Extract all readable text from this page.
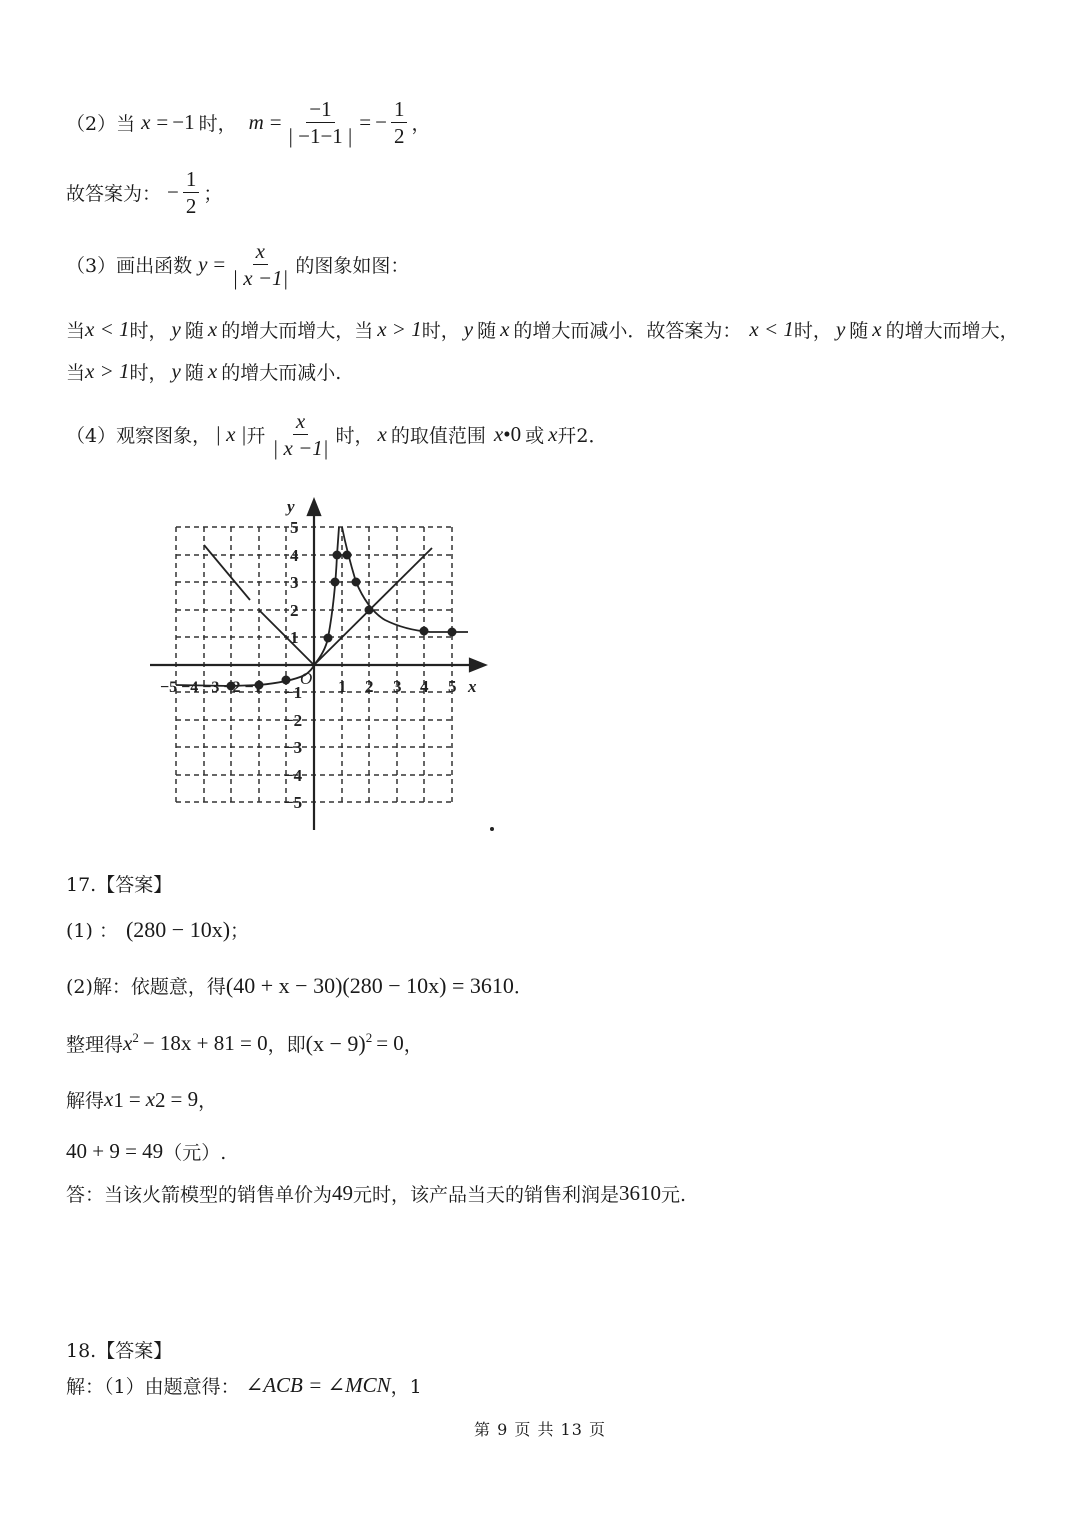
（2）当 x = −1 时， $m = \frac{-1}{| -1-1 |}$ = − $\frac{1}{2}$ ，
故答案为： − $\frac{1}{2}$ ；
（3）画出函数 $y = \frac{x}{| x -1|}$ 的图象如图：
当 x < 1 时， y 随 x 的增大而增大，当 x > 1 时， y 随 x 的增大而减小．故答案为： x < 1 时， y 随 x 的增大而增大，
当 x > 1 时， y 随 x 的增大而减小.
（4）观察图象， | x | 幵 $\frac{x}{| x -1|}$ 时， x 的取值范围 x •0 或 x 幵2．
y
x
O 1 2 3 4 5
−5 −4 −3 −2 −1
5
4
3
2
1
−1
−2
−3
−4
−5
17.【答案】
(1) ： (280 − 10x) ；
(2)解：依题意，得 (40 + x − 30)(280 − 10x) = 3610 ．
整理得 $x^2 - 18x + 81 = 0$ ，即 $(x - 9)^2 = 0$ ，
解得 x 1 = x 2 = 9 ，
40 + 9 = 49 （元）.
答：当该火箭模型的销售单价为 49 元时，该产品当天的销售利润是 3610 元.
18.【答案】
解：（1）由题意得： ∠ACB = ∠MCN ，1
第 9 页 共 13 页
